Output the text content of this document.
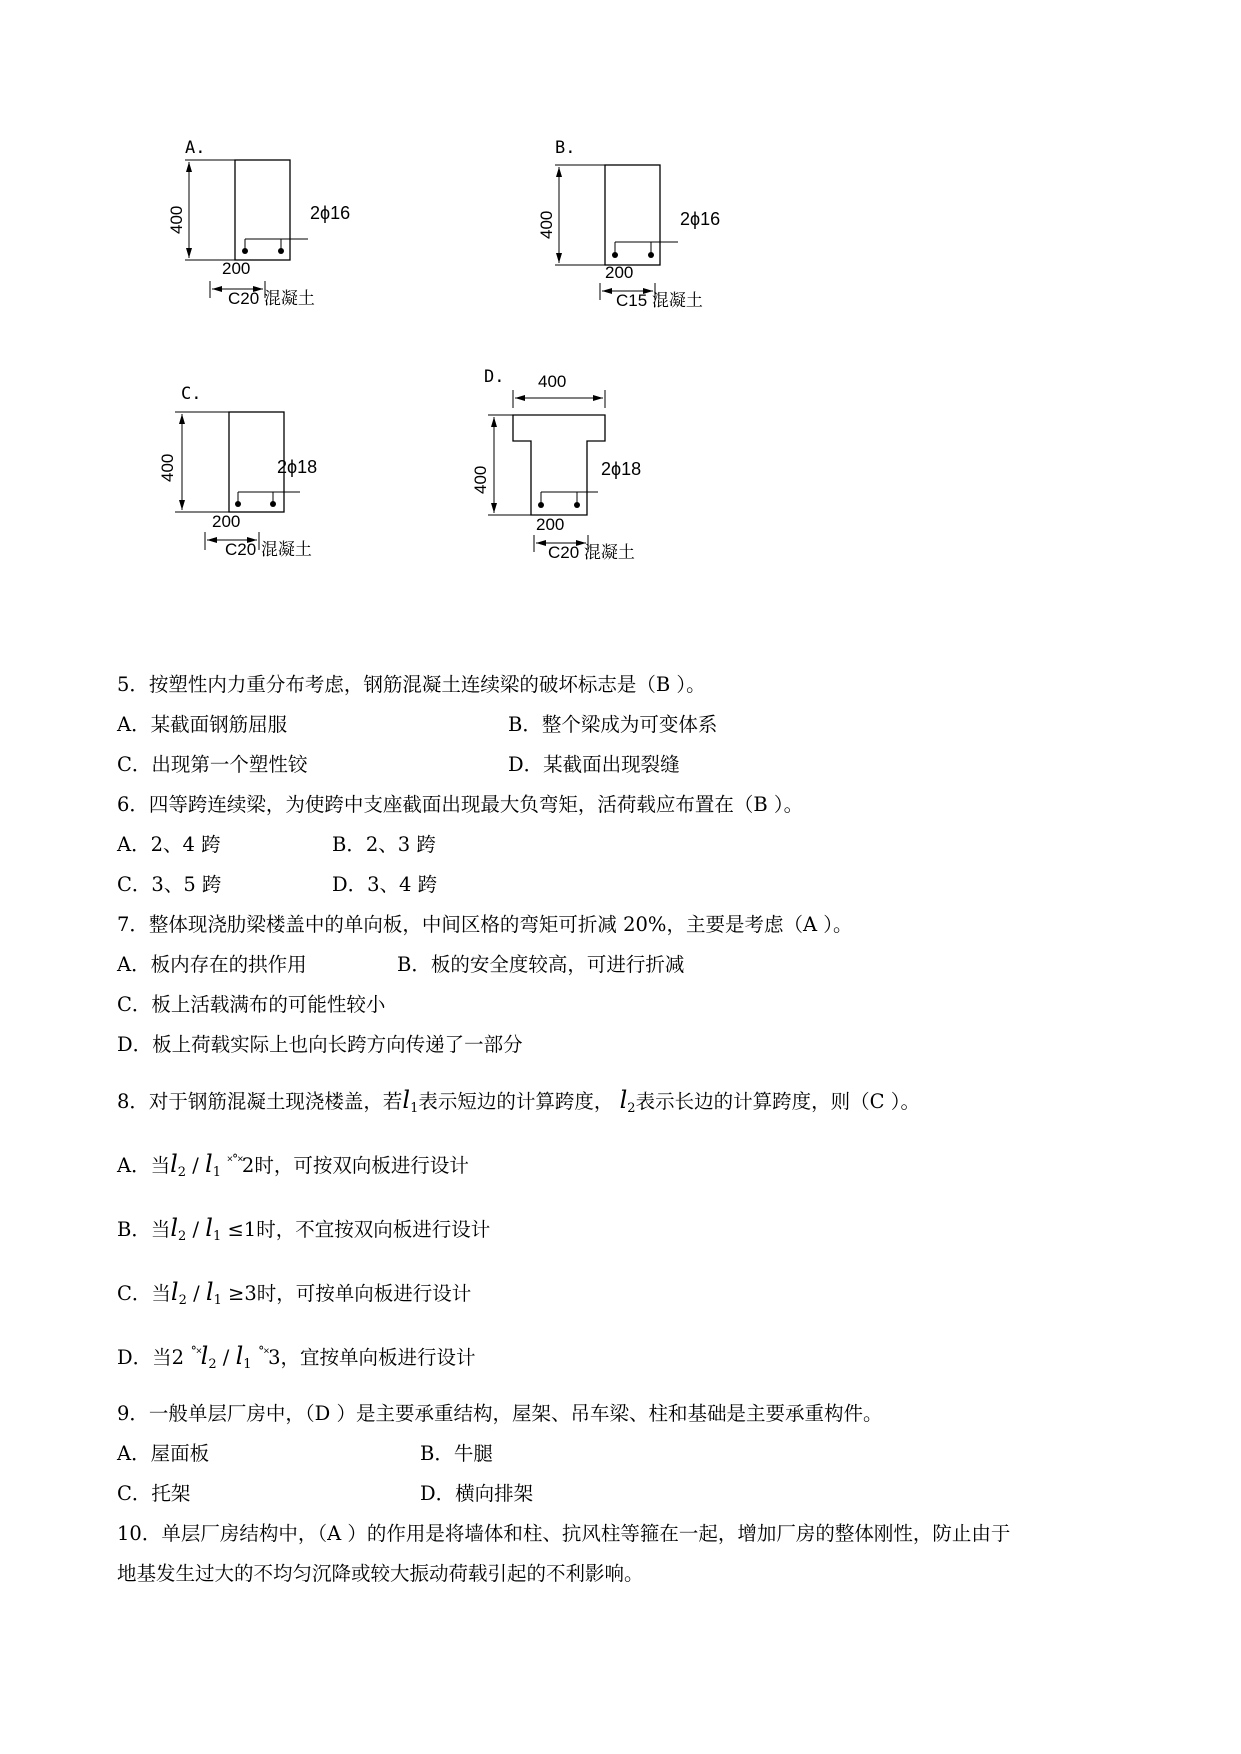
A.
400	2ϕ16
200
C20 混凝土
B.
400	2ϕ16
200
C15 混凝土
C.
400	2ϕ18
200
C20 混凝土
D. 400
400	2ϕ18
200
C20 混凝土
5．按塑性内力重分布考虑，钢筋混凝土连续梁的破坏标志是（B ）。
A．某截面钢筋屈服	B．整个梁成为可变体系
C．出现第一个塑性铰	D．某截面出现裂缝
6．四等跨连续梁，为使跨中支座截面出现最大负弯矩，活荷载应布置在（B ）。
A．2、4 跨	B．2、3 跨
C．3、5 跨	D．3、4 跨
7．整体现浇肋梁楼盖中的单向板，中间区格的弯矩可折减 20%，主要是考虑（A ）。
A．板内存在的拱作用	B．板的安全度较高，可进行折减
C．板上活载满布的可能性较小
D．板上荷载实际上也向长跨方向传递了一部分
8．对于钢筋混凝土现浇楼盖，若$l_1$表示短边的计算跨度， $l_2$表示长边的计算跨度，则（C ）。
A．当$l_2 / l_1$ ˟˚˟2时，可按双向板进行设计
B．当$l_2 / l_1 \le 1$时，不宜按双向板进行设计
C．当$l_2 / l_1 \ge 3$时，可按单向板进行设计
D．当2 $^{˚˟}l_2 / l_1$ ˚˟3，宜按单向板进行设计
9．一般单层厂房中，（D ）是主要承重结构，屋架、吊车梁、柱和基础是主要承重构件。
A．屋面板	B．牛腿
C．托架	D．横向排架
10．单层厂房结构中，（A ）的作用是将墙体和柱、抗风柱等箍在一起，增加厂房的整体刚性，防止由于
地基发生过大的不均匀沉降或较大振动荷载引起的不利影响。
